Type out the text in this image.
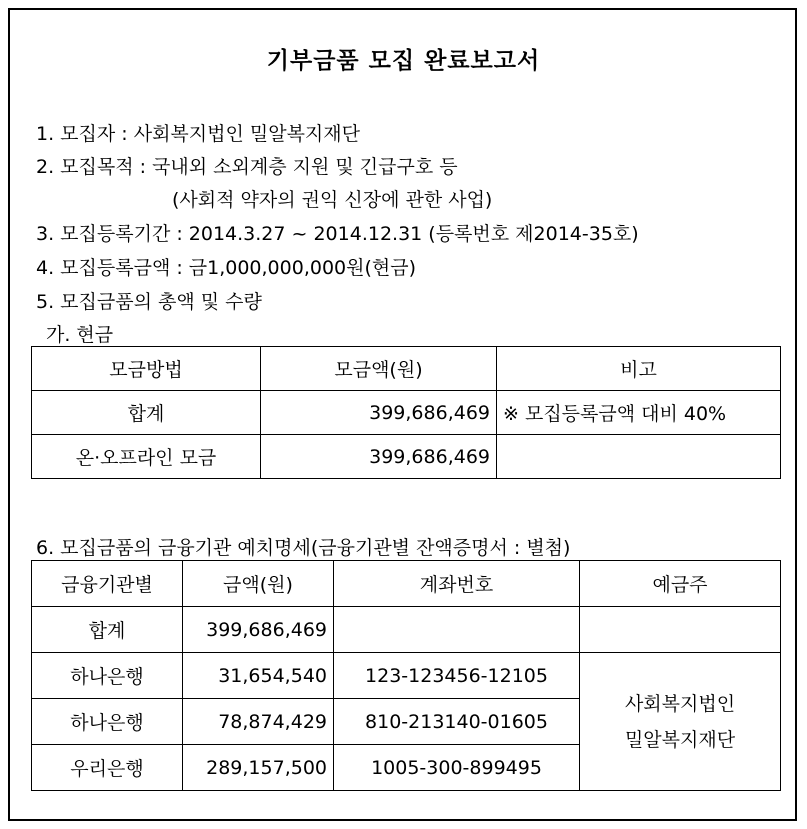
기부금품 모집 완료보고서
1. 모집자 : 사회복지법인 밀알복지재단
2. 모집목적 : 국내외 소외계층 지원 및 긴급구호 등
(사회적 약자의 권익 신장에 관한 사업)
3. 모집등록기간 : 2014.3.27 ~ 2014.12.31 (등록번호 제2014-35호)
4. 모집등록금액 : 금1,000,000,000원(현금)
5. 모집금품의 총액 및 수량
가. 현금
모금방법	모금액(원)	비고
합계	399,686,469	※ 모집등록금액 대비 40%
온·오프라인 모금	399,686,469	
6. 모집금품의 금융기관 예치명세(금융기관별 잔액증명서 : 별첨)
금융기관별	금액(원)	계좌번호	예금주
합계	399,686,469		
하나은행	31,654,540	123-123456-12105	사회복지법인
밀알복지재단

하나은행	78,874,429	810-213140-01605	
우리은행	289,157,500	1005-300-899495	
